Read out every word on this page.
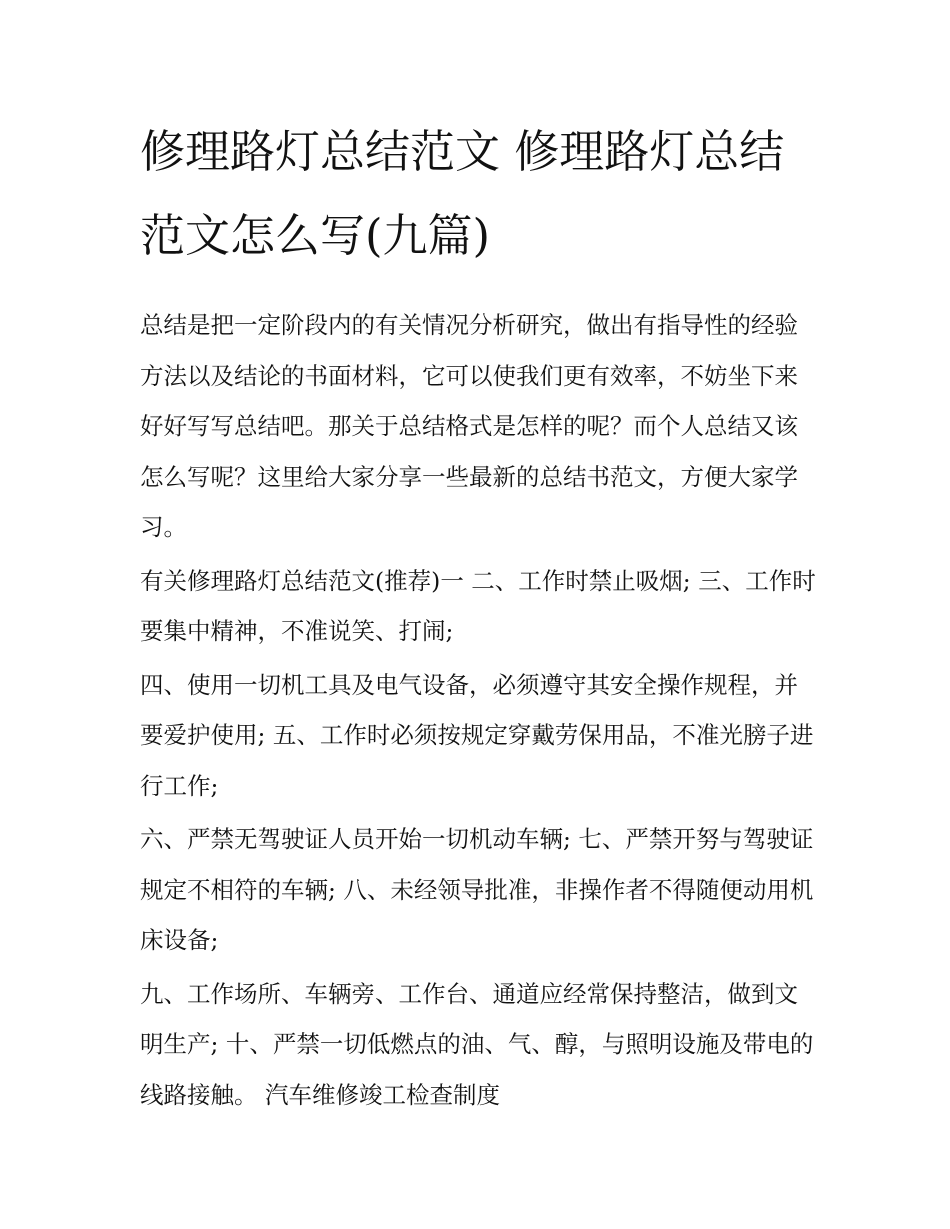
修理路灯总结范文 修理路灯总结范文怎么写(九篇)

总结是把一定阶段内的有关情况分析研究，做出有指导性的经验方法以及结论的书面材料，它可以使我们更有效率，不妨坐下来好好写写总结吧。那关于总结格式是怎样的呢？而个人总结又该怎么写呢？这里给大家分享一些最新的总结书范文，方便大家学习。

有关修理路灯总结范文(推荐)一 二、工作时禁止吸烟; 三、工作时要集中精神，不准说笑、打闹;

四、使用一切机工具及电气设备，必须遵守其安全操作规程，并要爱护使用; 五、工作时必须按规定穿戴劳保用品，不准光膀子进行工作;

六、严禁无驾驶证人员开始一切机动车辆; 七、严禁开努与驾驶证规定不相符的车辆; 八、未经领导批准，非操作者不得随便动用机床设备;

九、工作场所、车辆旁、工作台、通道应经常保持整洁，做到文明生产; 十、严禁一切低燃点的油、气、醇，与照明设施及带电的线路接触。 汽车维修竣工检查制度
